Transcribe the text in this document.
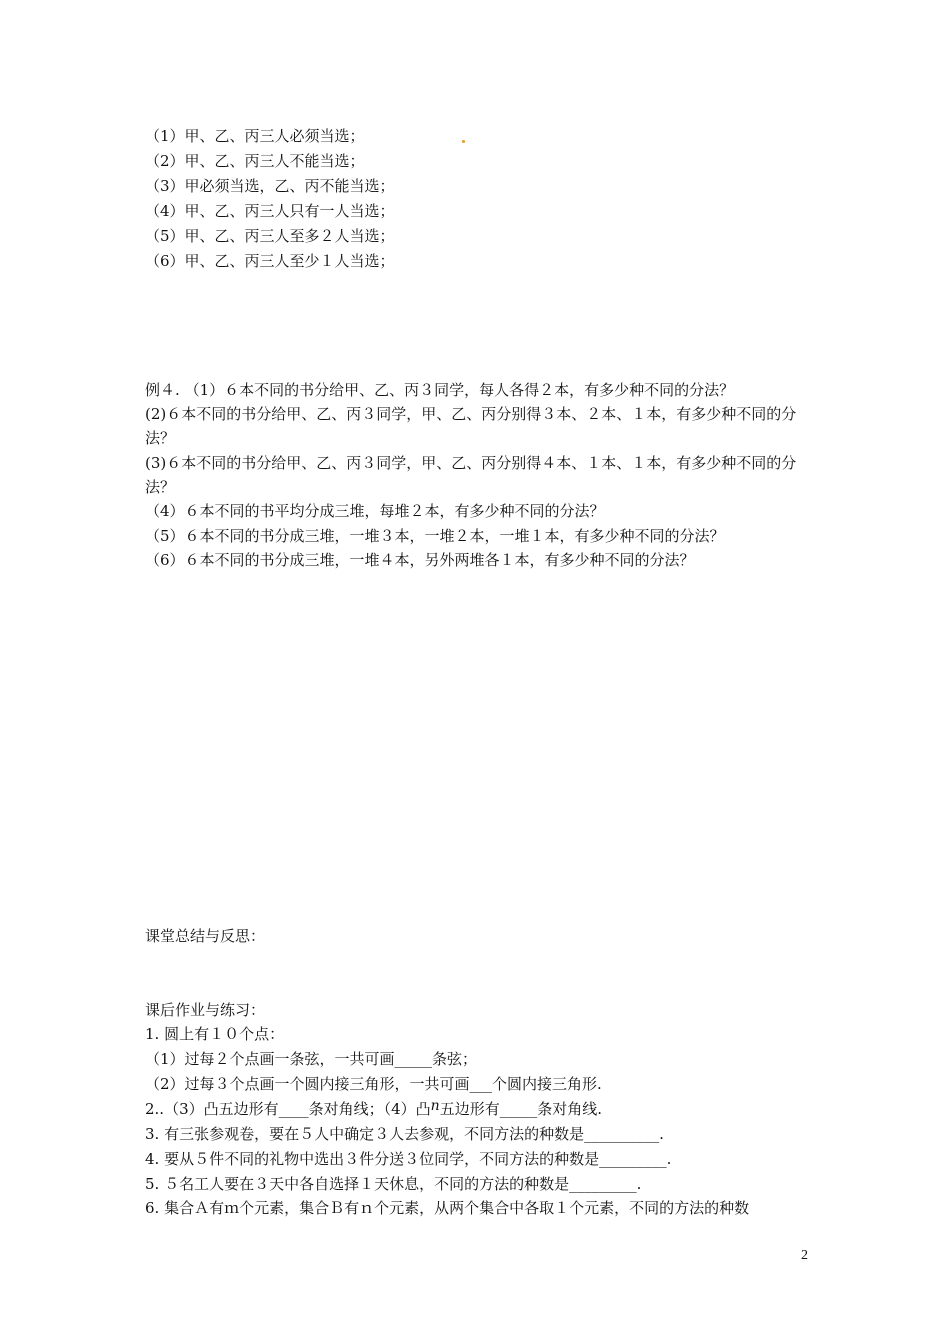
（1）甲、乙、丙三人必须当选；
（2）甲、乙、丙三人不能当选；
（3）甲必须当选，乙、丙不能当选；
（4）甲、乙、丙三人只有一人当选；
（5）甲、乙、丙三人至多２人当选；
（6）甲、乙、丙三人至少１人当选；
例４. （1）６本不同的书分给甲、乙、丙３同学，每人各得２本，有多少种不同的分法？
(2)６本不同的书分给甲、乙、丙３同学，甲、乙、丙分别得３本、２本、１本，有多少种不同的分
法？
(3)６本不同的书分给甲、乙、丙３同学，甲、乙、丙分别得４本、１本、１本，有多少种不同的分
法？
（4）６本不同的书平均分成三堆，每堆２本，有多少种不同的分法？
（5）６本不同的书分成三堆，一堆３本，一堆２本，一堆１本，有多少种不同的分法？
（6）６本不同的书分成三堆，一堆４本，另外两堆各１本，有多少种不同的分法？
课堂总结与反思：
课后作业与练习：
1. 圆上有１０个点：
（1）过每２个点画一条弦，一共可画_____条弦；
（2）过每３个点画一个圆内接三角形，一共可画___个圆内接三角形.
2..（3）凸五边形有____条对角线；（4）凸n五边形有_____条对角线.
3. 有三张参观卷，要在５人中确定３人去参观，不同方法的种数是__________.
4. 要从５件不同的礼物中选出３件分送３位同学，不同方法的种数是_________.
5. ５名工人要在３天中各自选择１天休息，不同的方法的种数是_________.
6. 集合Ａ有ｍ个元素，集合Ｂ有ｎ个元素，从两个集合中各取１个元素，不同的方法的种数
2
